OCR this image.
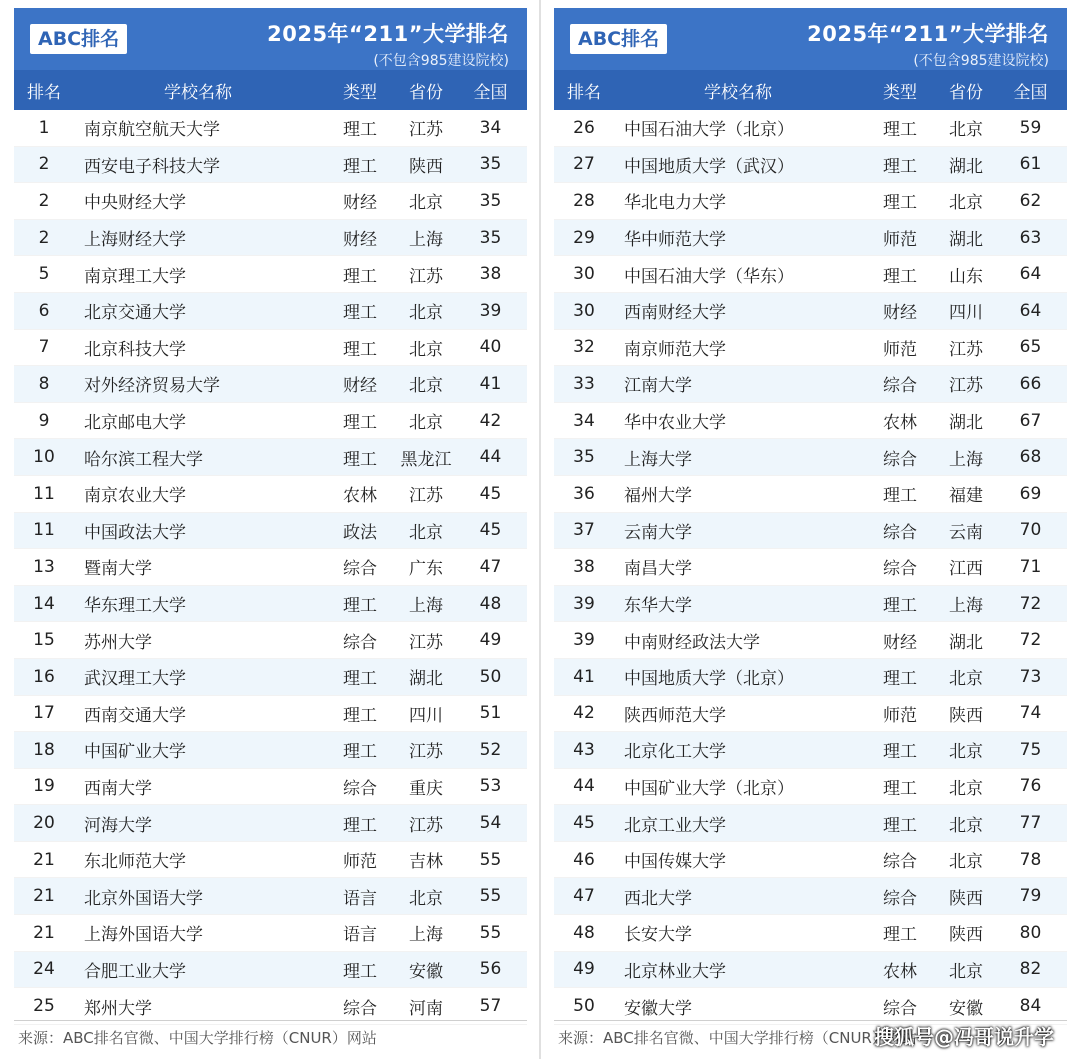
ABC排名	2025年“211”大学排名
(不包含985建设院校)
排名	学校名称	类型	省份	全国
1	南京航空航天大学	理工	江苏	34
2	西安电子科技大学	理工	陕西	35
2	中央财经大学	财经	北京	35
2	上海财经大学	财经	上海	35
5	南京理工大学	理工	江苏	38
6	北京交通大学	理工	北京	39
7	北京科技大学	理工	北京	40
8	对外经济贸易大学	财经	北京	41
9	北京邮电大学	理工	北京	42
10	哈尔滨工程大学	理工	黑龙江	44
11	南京农业大学	农林	江苏	45
11	中国政法大学	政法	北京	45
13	暨南大学	综合	广东	47
14	华东理工大学	理工	上海	48
15	苏州大学	综合	江苏	49
16	武汉理工大学	理工	湖北	50
17	西南交通大学	理工	四川	51
18	中国矿业大学	理工	江苏	52
19	西南大学	综合	重庆	53
20	河海大学	理工	江苏	54
21	东北师范大学	师范	吉林	55
21	北京外国语大学	语言	北京	55
21	上海外国语大学	语言	上海	55
24	合肥工业大学	理工	安徽	56
25	郑州大学	综合	河南	57
ABC排名	2025年“211”大学排名
(不包含985建设院校)
排名	学校名称	类型	省份	全国
26	中国石油大学（北京）	理工	北京	59
27	中国地质大学（武汉）	理工	湖北	61
28	华北电力大学	理工	北京	62
29	华中师范大学	师范	湖北	63
30	中国石油大学（华东）	理工	山东	64
30	西南财经大学	财经	四川	64
32	南京师范大学	师范	江苏	65
33	江南大学	综合	江苏	66
34	华中农业大学	农林	湖北	67
35	上海大学	综合	上海	68
36	福州大学	理工	福建	69
37	云南大学	综合	云南	70
38	南昌大学	综合	江西	71
39	东华大学	理工	上海	72
39	中南财经政法大学	财经	湖北	72
41	中国地质大学（北京）	理工	北京	73
42	陕西师范大学	师范	陕西	74
43	北京化工大学	理工	北京	75
44	中国矿业大学（北京）	理工	北京	76
45	北京工业大学	理工	北京	77
46	中国传媒大学	综合	北京	78
47	西北大学	综合	陕西	79
48	长安大学	理工	陕西	80
49	北京林业大学	农林	北京	82
50	安徽大学	综合	安徽	84
来源：ABC排名官微、中国大学排行榜（CNUR）网站	来源：ABC排名官微、中国大学排行榜（CNUR）网站
搜狐号@冯哥说升学
